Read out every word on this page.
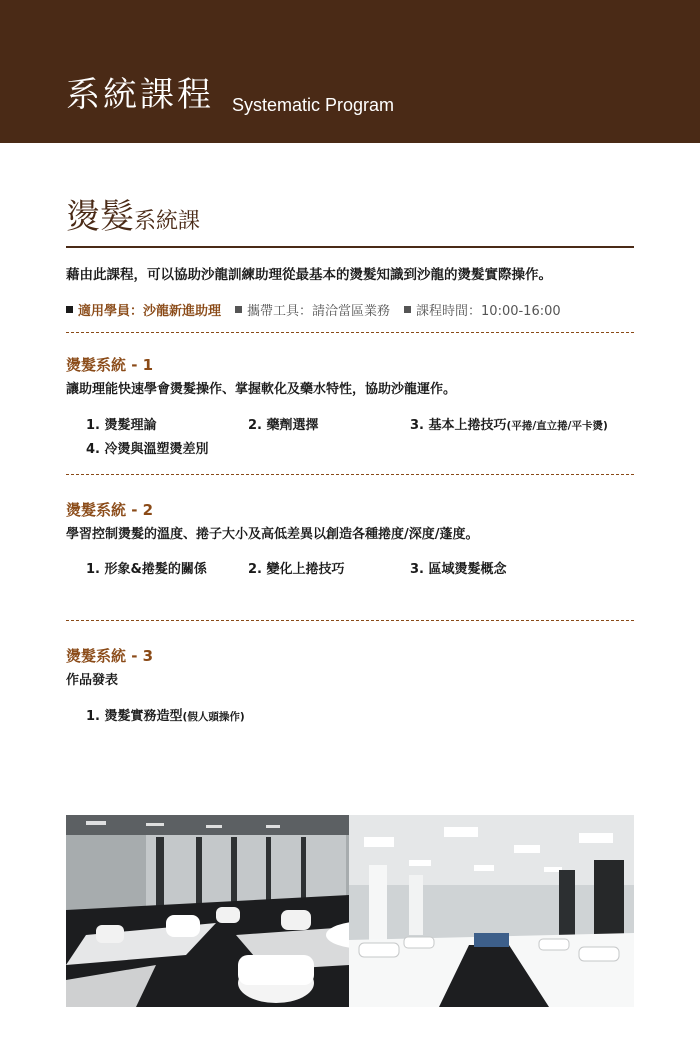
系統課程 Systematic Program
燙髮系統課
藉由此課程，可以協助沙龍訓練助理從最基本的燙髮知識到沙龍的燙髮實際操作。
適用學員：沙龍新進助理 攜帶工具：請洽當區業務 課程時間：10:00-16:00
燙髮系統 - 1
讓助理能快速學會燙髮操作、掌握軟化及藥水特性，協助沙龍運作。
1. 燙髮理論	2. 藥劑選擇	3. 基本上捲技巧(平捲/直立捲/平卡燙)
4. 冷燙與溫塑燙差別
燙髮系統 - 2
學習控制燙髮的溫度、捲子大小及高低差異以創造各種捲度/深度/蓬度。
1. 形象&捲髮的關係	2. 變化上捲技巧	3. 區域燙髮概念
燙髮系統 - 3
作品發表
1. 燙髮實務造型(假人頭操作)
